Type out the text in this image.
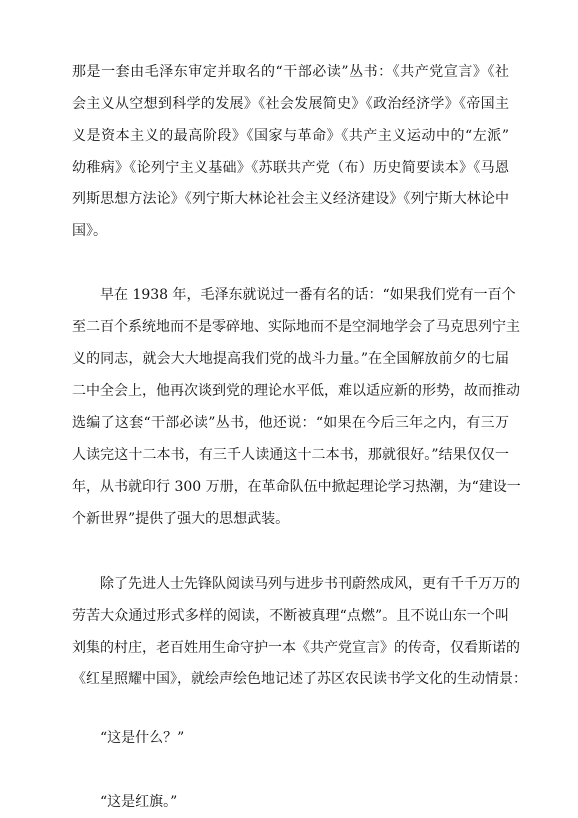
那是一套由毛泽东审定并取名的“干部必读”丛书：《共产党宣言》《社
会主义从空想到科学的发展》《社会发展简史》《政治经济学》《帝国主
义是资本主义的最高阶段》《国家与革命》《共产主义运动中的“左派”
幼稚病》《论列宁主义基础》《苏联共产党（布）历史简要读本》《马恩
列斯思想方法论》《列宁斯大林论社会主义经济建设》《列宁斯大林论中
国》。
早在 1938 年，毛泽东就说过一番有名的话：“如果我们党有一百个
至二百个系统地而不是零碎地、实际地而不是空洞地学会了马克思列宁主
义的同志，就会大大地提高我们党的战斗力量。”在全国解放前夕的七届
二中全会上，他再次谈到党的理论水平低，难以适应新的形势，故而推动
选编了这套“干部必读”丛书，他还说：“如果在今后三年之内，有三万
人读完这十二本书，有三千人读通这十二本书，那就很好。”结果仅仅一
年，从书就印行 300 万册，在革命队伍中掀起理论学习热潮，为“建设一
个新世界”提供了强大的思想武装。
除了先进人士先锋队阅读马列与进步书刊蔚然成风，更有千千万万的
劳苦大众通过形式多样的阅读，不断被真理“点燃”。且不说山东一个叫
刘集的村庄，老百姓用生命守护一本《共产党宣言》的传奇，仅看斯诺的
《红星照耀中国》，就绘声绘色地记述了苏区农民读书学文化的生动情景：
“这是什么？”
“这是红旗。”
